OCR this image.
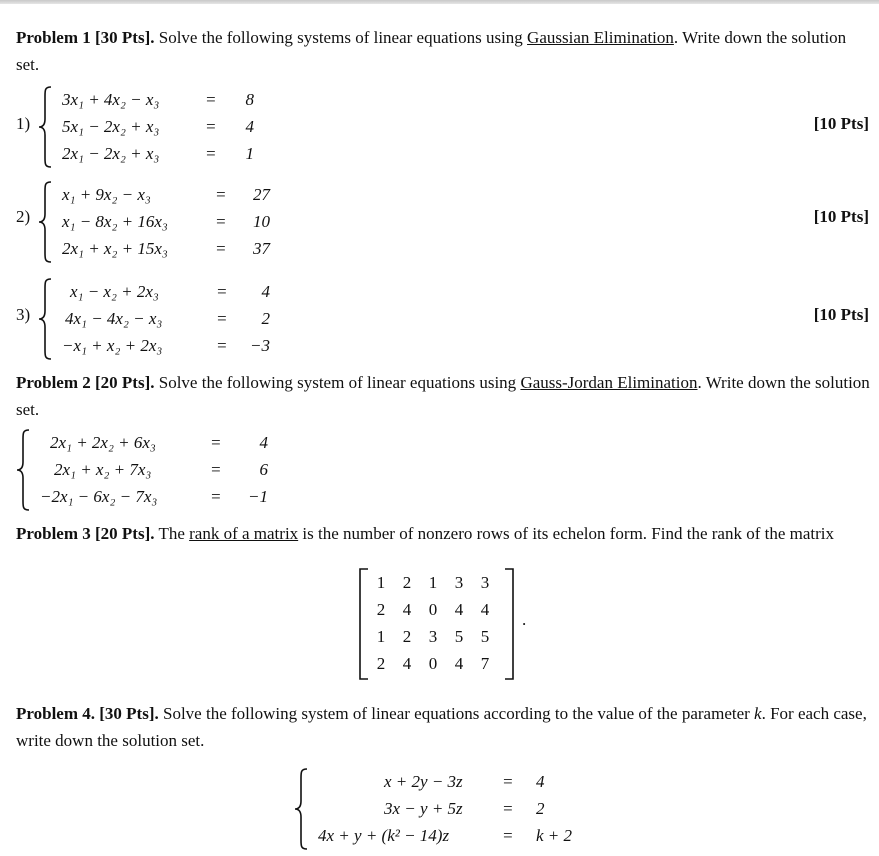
Problem 1 [30 Pts]. Solve the following systems of linear equations using Gaussian Elimination. Write down the solution set.
1)
3x₁ + 4x₂ − x₃	=	8
5x₁ − 2x₂ + x₃	=	4
2x₁ − 2x₂ + x₃	=	1
[10 Pts]
2)
x₁ + 9x₂ − x₃	=	27
x₁ − 8x₂ + 16x₃	=	10
2x₁ + x₂ + 15x₃	=	37
[10 Pts]
3)
x₁ − x₂ + 2x₃	=	4
4x₁ − 4x₂ − x₃	=	2
−x₁ + x₂ + 2x₃	=	−3
[10 Pts]
Problem 2 [20 Pts]. Solve the following system of linear equations using Gauss-Jordan Elimination. Write down the solution set.
2x₁ + 2x₂ + 6x₃	=	4
2x₁ + x₂ + 7x₃	=	6
−2x₁ − 6x₂ − 7x₃	=	−1
Problem 3 [20 Pts]. The rank of a matrix is the number of nonzero rows of its echelon form. Find the rank of the matrix
1	2	1	3	3
2	4	0	4	4
1	2	3	5	5
2	4	0	4	7
.
Problem 4. [30 Pts]. Solve the following system of linear equations according to the value of the parameter k. For each case, write down the solution set.
x + 2y − 3z = 4
3x − y + 5z = 2
4x + y + (k² − 14)z	= k + 2
